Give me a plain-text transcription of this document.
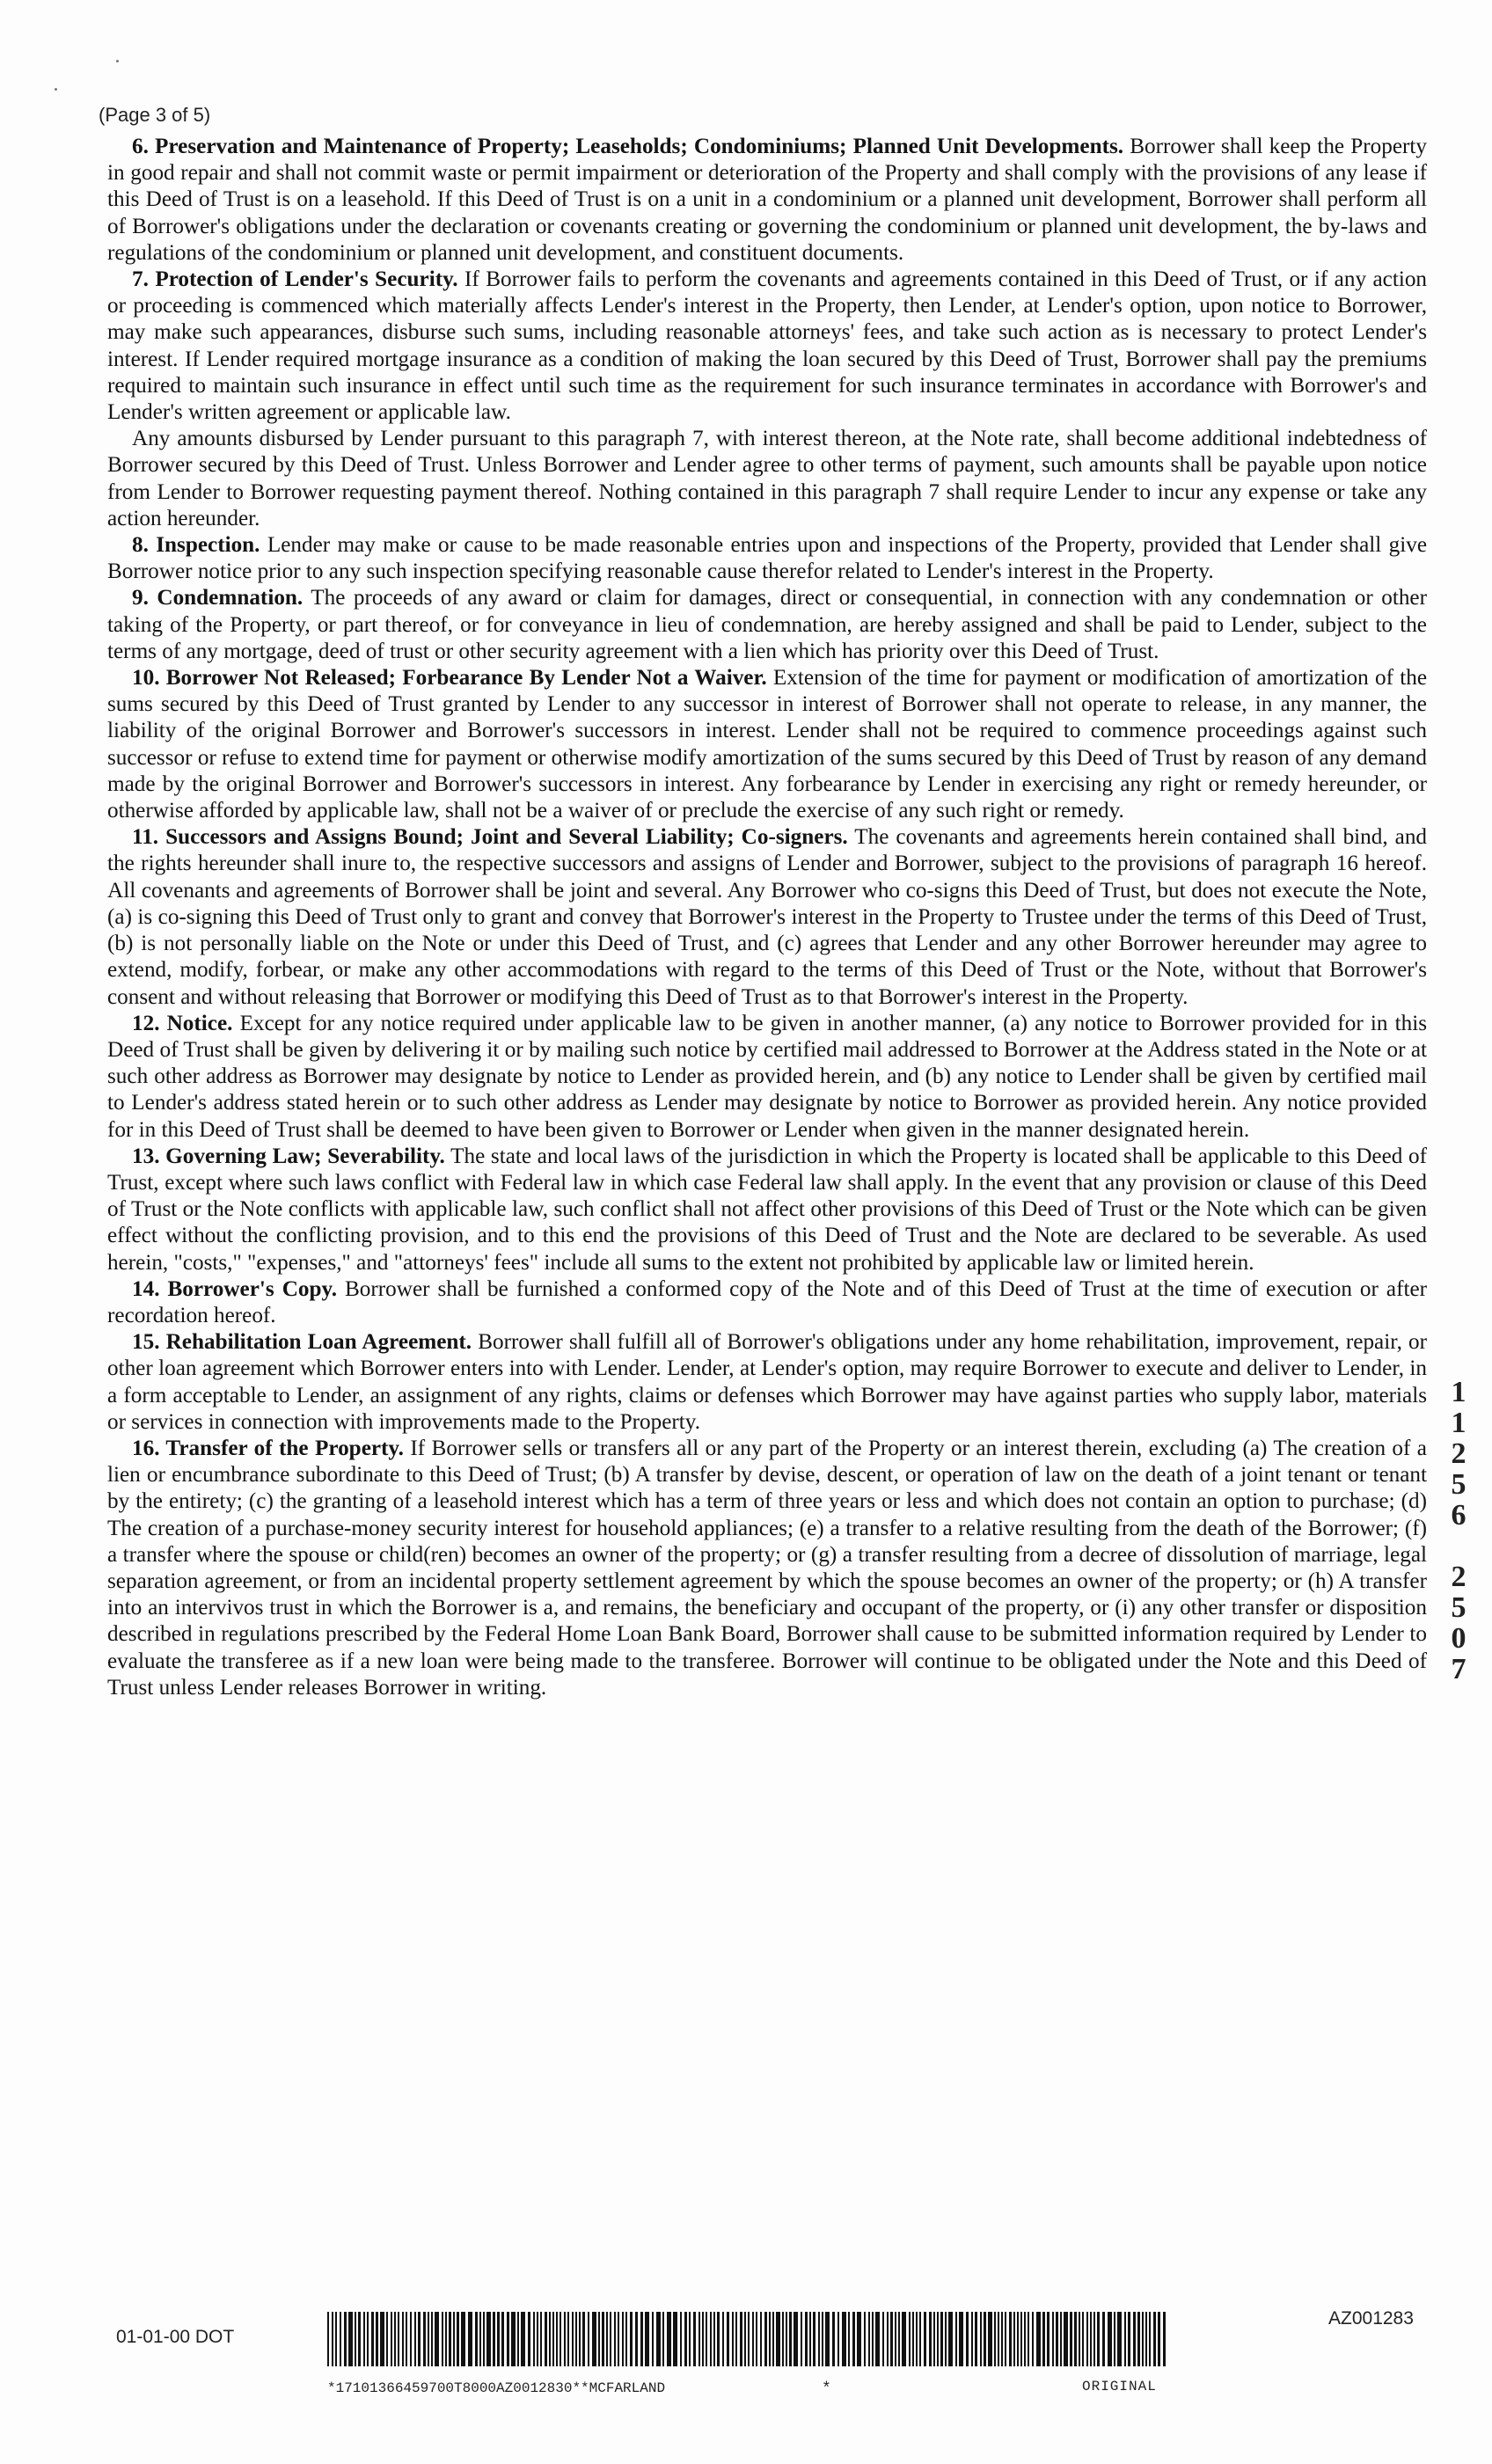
(Page 3 of 5)

6. Preservation and Maintenance of Property; Leaseholds; Condominiums; Planned Unit Developments. Borrower shall keep the Property in good repair and shall not commit waste or permit impairment or deterioration of the Property and shall comply with the provisions of any lease if this Deed of Trust is on a leasehold. If this Deed of Trust is on a unit in a condominium or a planned unit development, Borrower shall perform all of Borrower's obligations under the declaration or covenants creating or governing the condominium or planned unit development, the by-laws and regulations of the condominium or planned unit development, and constituent documents.

7. Protection of Lender's Security. If Borrower fails to perform the covenants and agreements contained in this Deed of Trust, or if any action or proceeding is commenced which materially affects Lender's interest in the Property, then Lender, at Lender's option, upon notice to Borrower, may make such appearances, disburse such sums, including reasonable attorneys' fees, and take such action as is necessary to protect Lender's interest. If Lender required mortgage insurance as a condition of making the loan secured by this Deed of Trust, Borrower shall pay the premiums required to maintain such insurance in effect until such time as the requirement for such insurance terminates in accordance with Borrower's and Lender's written agreement or applicable law.

Any amounts disbursed by Lender pursuant to this paragraph 7, with interest thereon, at the Note rate, shall become additional indebtedness of Borrower secured by this Deed of Trust. Unless Borrower and Lender agree to other terms of payment, such amounts shall be payable upon notice from Lender to Borrower requesting payment thereof. Nothing contained in this paragraph 7 shall require Lender to incur any expense or take any action hereunder.

8. Inspection. Lender may make or cause to be made reasonable entries upon and inspections of the Property, provided that Lender shall give Borrower notice prior to any such inspection specifying reasonable cause therefor related to Lender's interest in the Property.

9. Condemnation. The proceeds of any award or claim for damages, direct or consequential, in connection with any condemnation or other taking of the Property, or part thereof, or for conveyance in lieu of condemnation, are hereby assigned and shall be paid to Lender, subject to the terms of any mortgage, deed of trust or other security agreement with a lien which has priority over this Deed of Trust.

10. Borrower Not Released; Forbearance By Lender Not a Waiver. Extension of the time for payment or modification of amortization of the sums secured by this Deed of Trust granted by Lender to any successor in interest of Borrower shall not operate to release, in any manner, the liability of the original Borrower and Borrower's successors in interest. Lender shall not be required to commence proceedings against such successor or refuse to extend time for payment or otherwise modify amortization of the sums secured by this Deed of Trust by reason of any demand made by the original Borrower and Borrower's successors in interest. Any forbearance by Lender in exercising any right or remedy hereunder, or otherwise afforded by applicable law, shall not be a waiver of or preclude the exercise of any such right or remedy.

11. Successors and Assigns Bound; Joint and Several Liability; Co-signers. The covenants and agreements herein contained shall bind, and the rights hereunder shall inure to, the respective successors and assigns of Lender and Borrower, subject to the provisions of paragraph 16 hereof. All covenants and agreements of Borrower shall be joint and several. Any Borrower who co-signs this Deed of Trust, but does not execute the Note, (a) is co-signing this Deed of Trust only to grant and convey that Borrower's interest in the Property to Trustee under the terms of this Deed of Trust, (b) is not personally liable on the Note or under this Deed of Trust, and (c) agrees that Lender and any other Borrower hereunder may agree to extend, modify, forbear, or make any other accommodations with regard to the terms of this Deed of Trust or the Note, without that Borrower's consent and without releasing that Borrower or modifying this Deed of Trust as to that Borrower's interest in the Property.

12. Notice. Except for any notice required under applicable law to be given in another manner, (a) any notice to Borrower provided for in this Deed of Trust shall be given by delivering it or by mailing such notice by certified mail addressed to Borrower at the Address stated in the Note or at such other address as Borrower may designate by notice to Lender as provided herein, and (b) any notice to Lender shall be given by certified mail to Lender's address stated herein or to such other address as Lender may designate by notice to Borrower as provided herein. Any notice provided for in this Deed of Trust shall be deemed to have been given to Borrower or Lender when given in the manner designated herein.

13. Governing Law; Severability. The state and local laws of the jurisdiction in which the Property is located shall be applicable to this Deed of Trust, except where such laws conflict with Federal law in which case Federal law shall apply. In the event that any provision or clause of this Deed of Trust or the Note conflicts with applicable law, such conflict shall not affect other provisions of this Deed of Trust or the Note which can be given effect without the conflicting provision, and to this end the provisions of this Deed of Trust and the Note are declared to be severable. As used herein, "costs," "expenses," and "attorneys' fees" include all sums to the extent not prohibited by applicable law or limited herein.

14. Borrower's Copy. Borrower shall be furnished a conformed copy of the Note and of this Deed of Trust at the time of execution or after recordation hereof.

15. Rehabilitation Loan Agreement. Borrower shall fulfill all of Borrower's obligations under any home rehabilitation, improvement, repair, or other loan agreement which Borrower enters into with Lender. Lender, at Lender's option, may require Borrower to execute and deliver to Lender, in a form acceptable to Lender, an assignment of any rights, claims or defenses which Borrower may have against parties who supply labor, materials or services in connection with improvements made to the Property.

16. Transfer of the Property. If Borrower sells or transfers all or any part of the Property or an interest therein, excluding (a) The creation of a lien or encumbrance subordinate to this Deed of Trust; (b) A transfer by devise, descent, or operation of law on the death of a joint tenant or tenant by the entirety; (c) the granting of a leasehold interest which has a term of three years or less and which does not contain an option to purchase; (d) The creation of a purchase-money security interest for household appliances; (e) a transfer to a relative resulting from the death of the Borrower; (f) a transfer where the spouse or child(ren) becomes an owner of the property; or (g) a transfer resulting from a decree of dissolution of marriage, legal separation agreement, or from an incidental property settlement agreement by which the spouse becomes an owner of the property; or (h) A transfer into an intervivos trust in which the Borrower is a, and remains, the beneficiary and occupant of the property, or (i) any other transfer or disposition described in regulations prescribed by the Federal Home Loan Bank Board, Borrower shall cause to be submitted information required by Lender to evaluate the transferee as if a new loan were being made to the transferee. Borrower will continue to be obligated under the Note and this Deed of Trust unless Lender releases Borrower in writing.

1
1
2
5
6
2
5
0
7
01-01-00 DOT
AZ001283
*17101366459700T8000AZ0012830**MCFARLAND	*	ORIGINAL
